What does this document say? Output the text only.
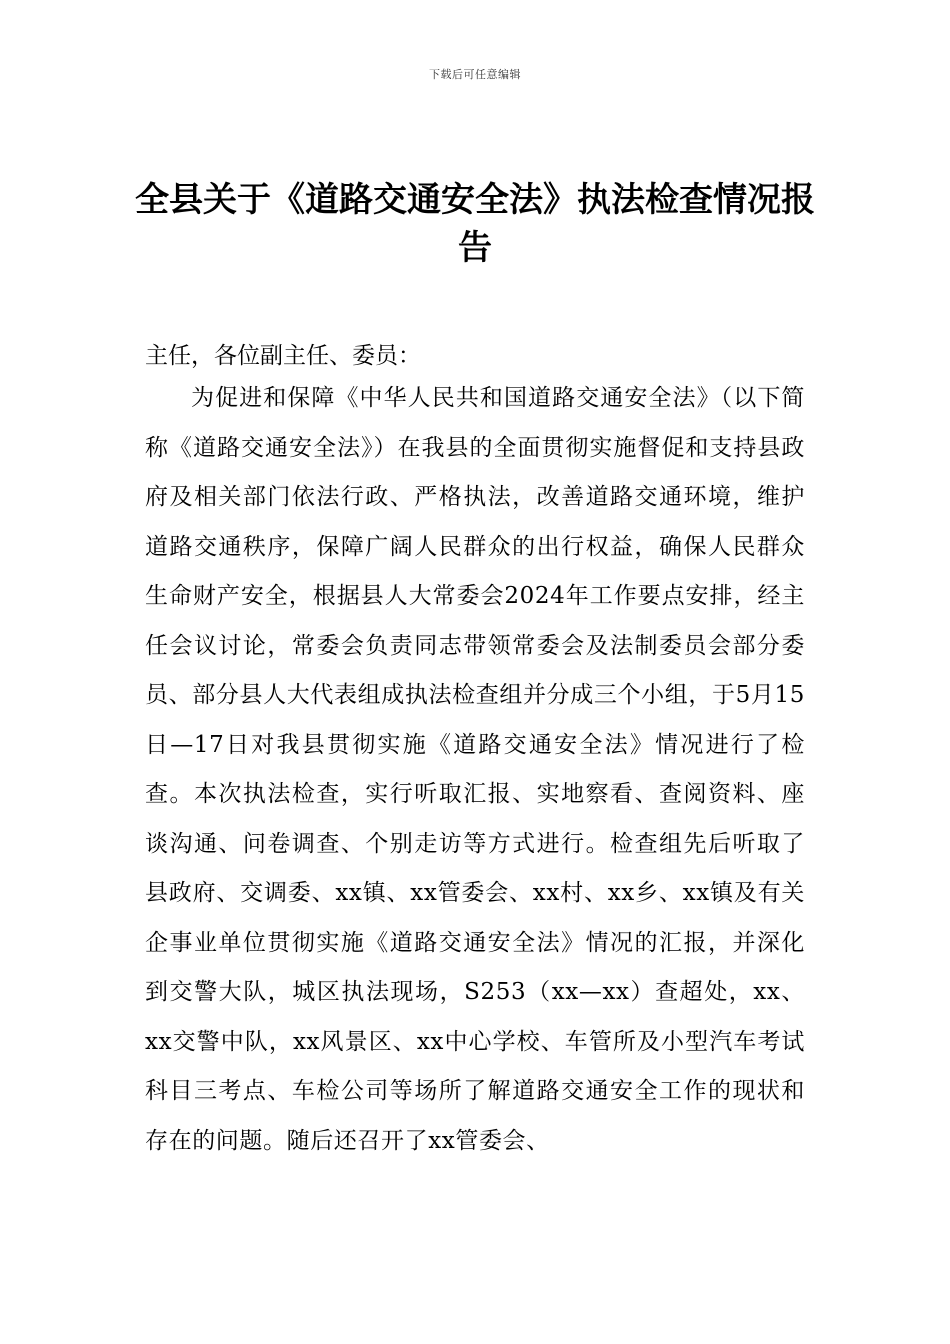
下载后可任意编辑
全县关于《道路交通安全法》执法检查情况报告
主任，各位副主任、委员：
为促进和保障《中华人民共和国道路交通安全法》（以下简称《道路交通安全法》）在我县的全面贯彻实施督促和支持县政府及相关部门依法行政、严格执法，改善道路交通环境，维护道路交通秩序，保障广阔人民群众的出行权益，确保人民群众生命财产安全，根据县人大常委会2024年工作要点安排，经主任会议讨论，常委会负责同志带领常委会及法制委员会部分委员、部分县人大代表组成执法检查组并分成三个小组，于5月15日—17日对我县贯彻实施《道路交通安全法》情况进行了检查。本次执法检查，实行听取汇报、实地察看、查阅资料、座谈沟通、问卷调查、个别走访等方式进行。检查组先后听取了县政府、交调委、xx镇、xx管委会、xx村、xx乡、xx镇及有关企事业单位贯彻实施《道路交通安全法》情况的汇报，并深化到交警大队，城区执法现场，S253（xx—xx）查超处，xx、xx交警中队，xx风景区、xx中心学校、车管所及小型汽车考试科目三考点、车检公司等场所了解道路交通安全工作的现状和存在的问题。随后还召开了xx管委会、
